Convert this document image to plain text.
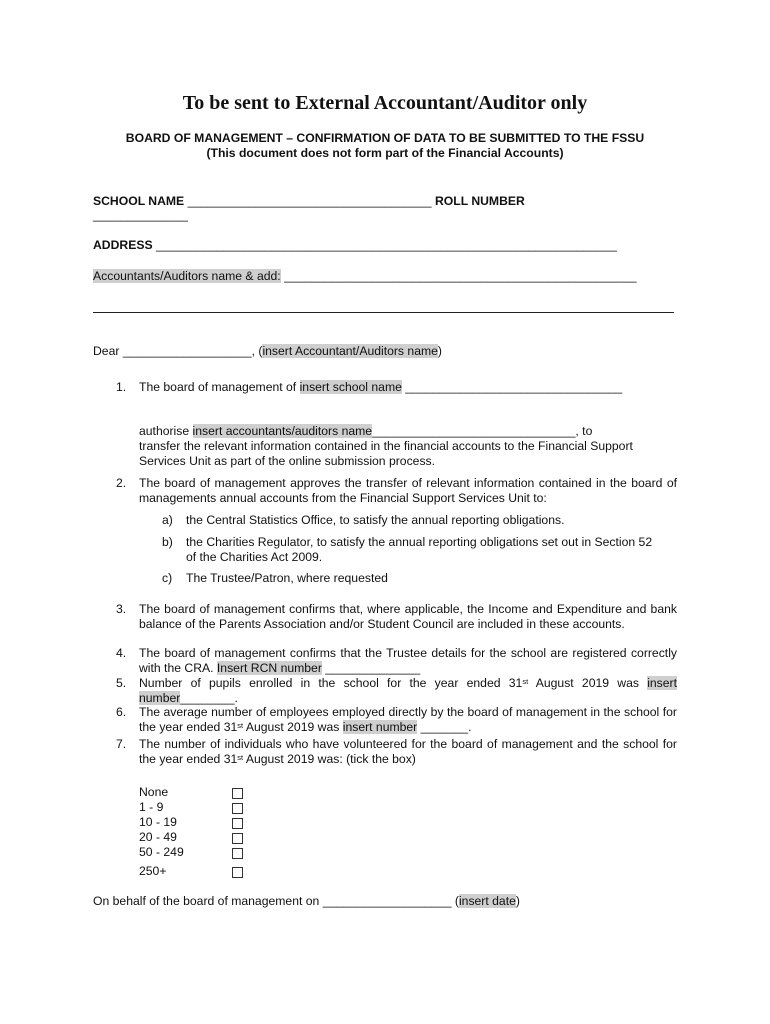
To be sent to External Accountant/Auditor only
BOARD OF MANAGEMENT – CONFIRMATION OF DATA TO BE SUBMITTED TO THE FSSU
(This document does not form part of the Financial Accounts)
SCHOOL NAME ____________________________________ ROLL NUMBER
______________
ADDRESS ____________________________________________________________________
Accountants/Auditors name & add: ____________________________________________________
Dear ___________________, (insert Accountant/Auditors name)
1. The board of management of insert school name ________________________________
authorise insert accountants/auditors name______________________________, to
transfer the relevant information contained in the financial accounts to the Financial Support Services Unit as part of the online submission process.
2. The board of management approves the transfer of relevant information contained in the board of managements annual accounts from the Financial Support Services Unit to:
a) the Central Statistics Office, to satisfy the annual reporting obligations.
b) the Charities Regulator, to satisfy the annual reporting obligations set out in Section 52 of the Charities Act 2009.
c) The Trustee/Patron, where requested
3. The board of management confirms that, where applicable, the Income and Expenditure and bank balance of the Parents Association and/or Student Council are included in these accounts.
4. The board of management confirms that the Trustee details for the school are registered correctly with the CRA. Insert RCN number ______________
5. Number of pupils enrolled in the school for the year ended 31st August 2019 was insert number________.
6. The average number of employees employed directly by the board of management in the school for the year ended 31st August 2019 was insert number _______.
7. The number of individuals who have volunteered for the board of management and the school for the year ended 31st August 2019 was: (tick the box)
None
1 - 9
10 - 19
20 - 49
50 - 249
250+
On behalf of the board of management on ___________________ (insert date)
